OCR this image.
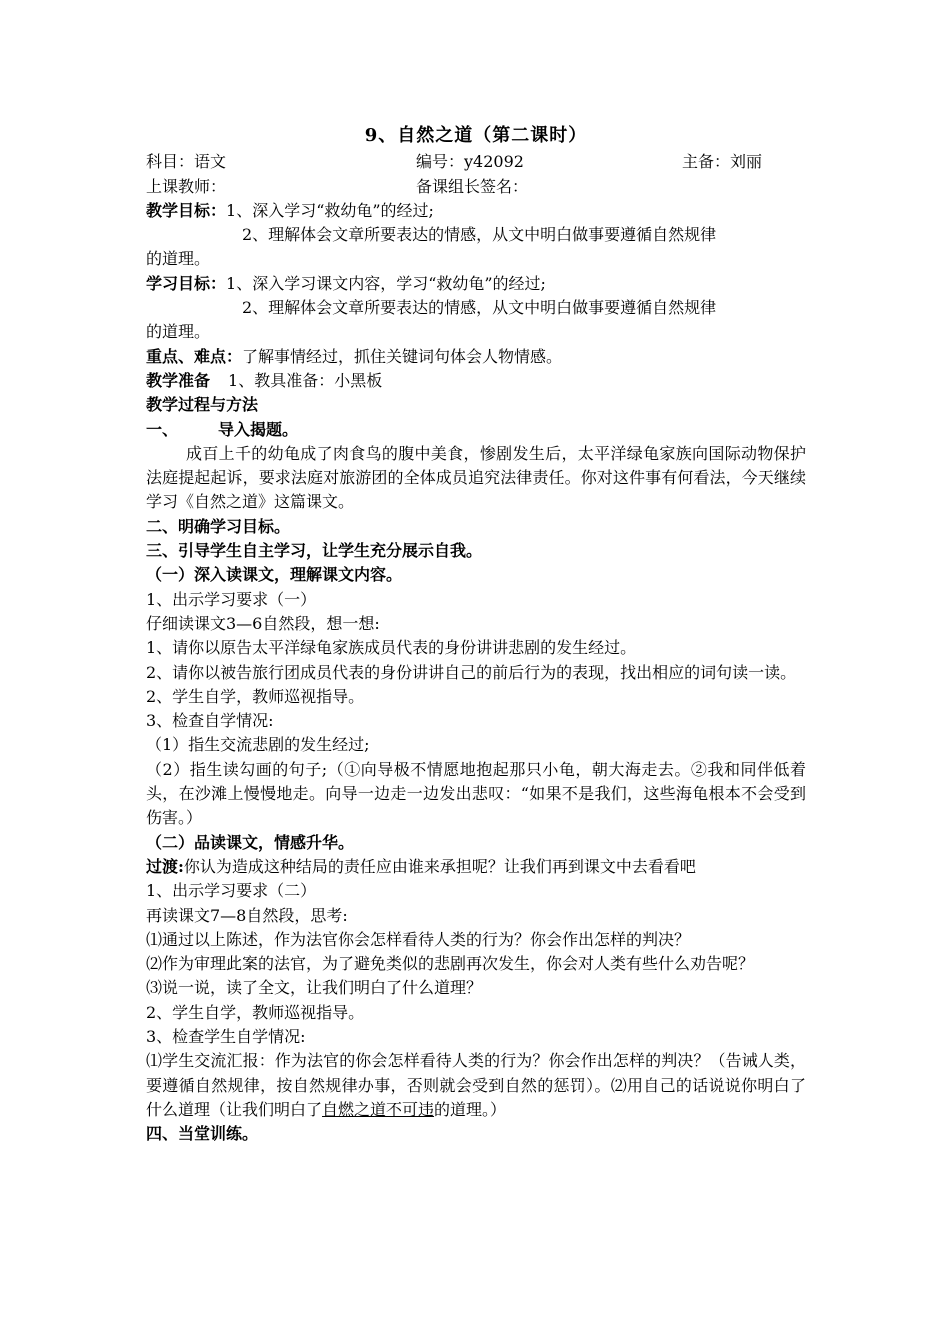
9、自然之道（第二课时）
科目：语文	编号：y42092	主备：刘丽
上课教师：	备课组长签名：
教学目标：1、深入学习“救幼龟”的经过;
2、理解体会文章所要表达的情感，从文中明白做事要遵循自然规律
的道理。
学习目标：1、深入学习课文内容，学习“救幼龟”的经过;
2、理解体会文章所要表达的情感，从文中明白做事要遵循自然规律
的道理。
重点、难点：了解事情经过，抓住关键词句体会人物情感。
教学准备 1、教具准备：小黑板
教学过程与方法
一、	导入揭题。
成百上千的幼龟成了肉食鸟的腹中美食，惨剧发生后，太平洋绿龟家族向国际动物保护法庭提起起诉，要求法庭对旅游团的全体成员追究法律责任。你对这件事有何看法，今天继续学习《自然之道》这篇课文。
二、明确学习目标。
三、引导学生自主学习，让学生充分展示自我。
（一）深入读课文，理解课文内容。
1、出示学习要求（一）
仔细读课文3—6自然段，想一想:
1、请你以原告太平洋绿龟家族成员代表的身份讲讲悲剧的发生经过。
2、请你以被告旅行团成员代表的身份讲讲自己的前后行为的表现，找出相应的词句读一读。
2、学生自学，教师巡视指导。
3、检查自学情况:
（1）指生交流悲剧的发生经过;
（2）指生读勾画的句子;（①向导极不情愿地抱起那只小龟，朝大海走去。②我和同伴低着头，在沙滩上慢慢地走。向导一边走一边发出悲叹：“如果不是我们，这些海龟根本不会受到伤害。）
（二）品读课文，情感升华。
过渡:你认为造成这种结局的责任应由谁来承担呢？让我们再到课文中去看看吧
1、出示学习要求（二）
再读课文7—8自然段，思考:
⑴通过以上陈述，作为法官你会怎样看待人类的行为？你会作出怎样的判决？
⑵作为审理此案的法官，为了避免类似的悲剧再次发生，你会对人类有些什么劝告呢？
⑶说一说，读了全文，让我们明白了什么道理？
2、学生自学，教师巡视指导。
3、检查学生自学情况:
⑴学生交流汇报：作为法官的你会怎样看待人类的行为？你会作出怎样的判决？（告诫人类，要遵循自然规律，按自然规律办事，否则就会受到自然的惩罚）。⑵用自己的话说说你明白了什么道理（让我们明白了自燃之道不可违的道理。）
四、当堂训练。
